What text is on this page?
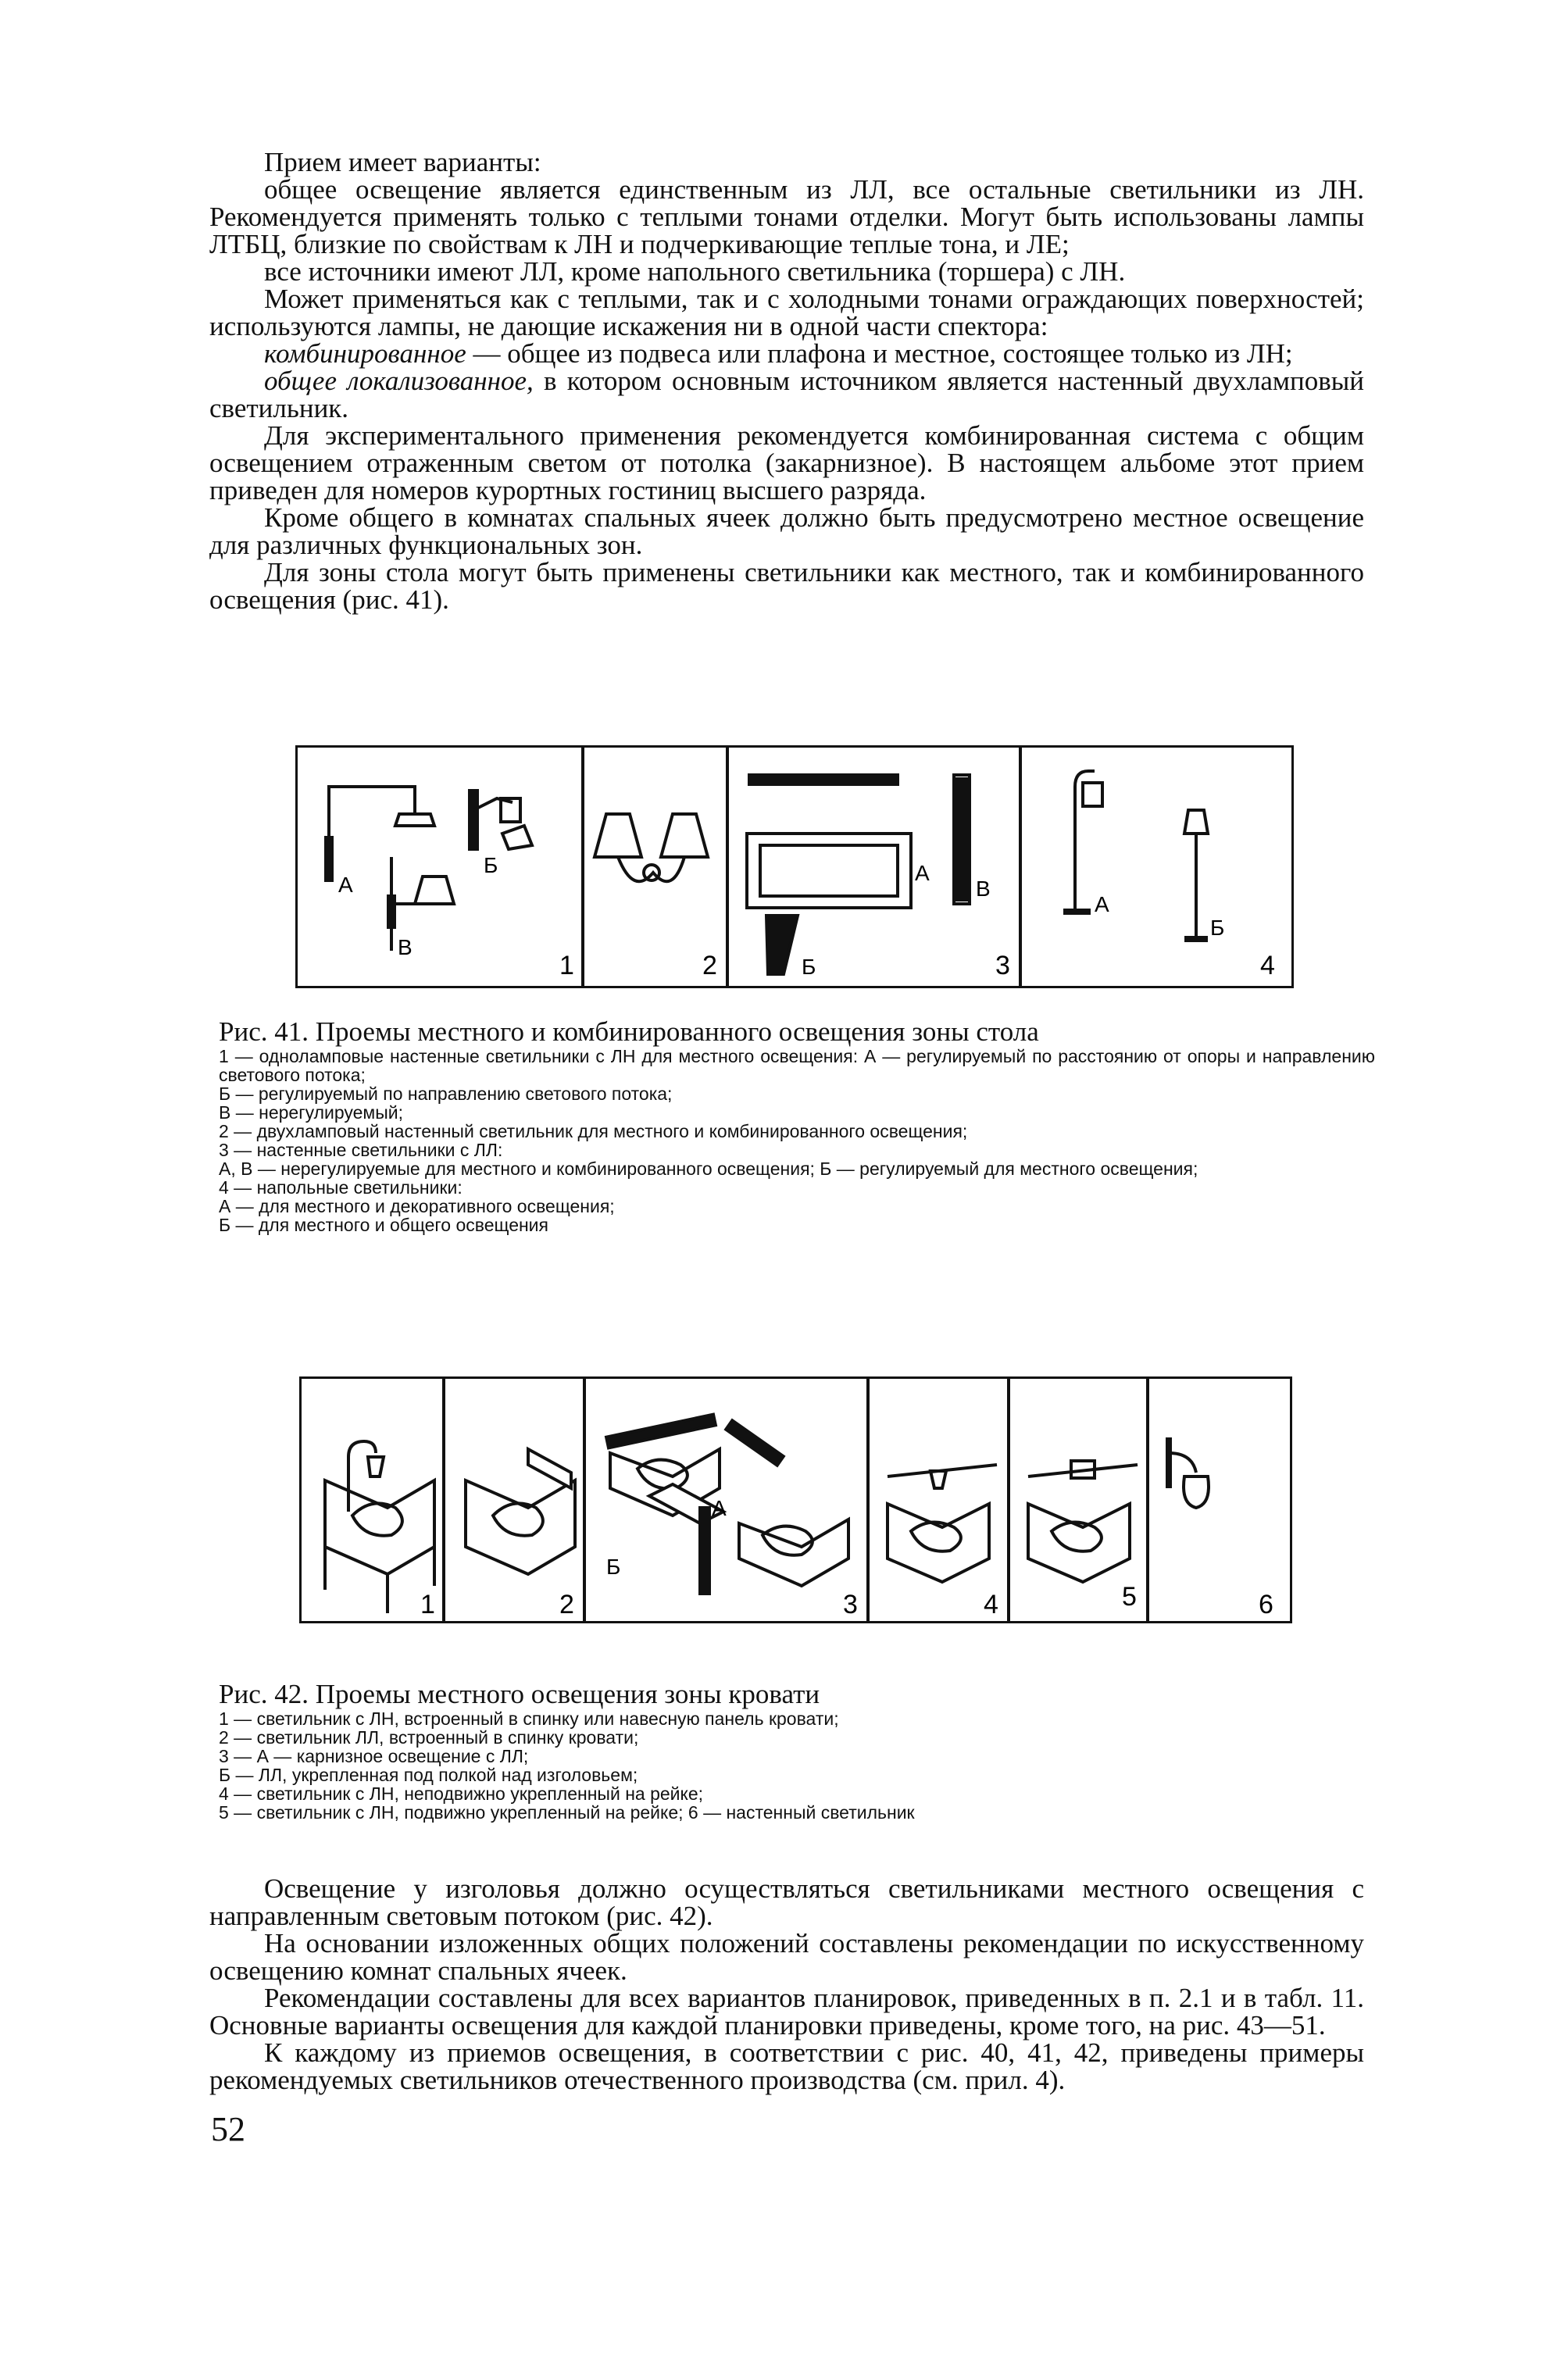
Прием имеет варианты:

общее освещение является единственным из ЛЛ, все остальные светильники из ЛН. Рекомендуется применять только с теплыми тонами отделки. Могут быть использованы лампы ЛТБЦ, близкие по свойствам к ЛН и подчеркивающие теплые тона, и ЛЕ;

все источники имеют ЛЛ, кроме напольного светильника (торшера) с ЛН.

Может применяться как с теплыми, так и с холодными тонами ограждающих поверхностей; используются лампы, не дающие искажения ни в одной части спектора:

комбинированное — общее из подвеса или плафона и местное, состоящее только из ЛН;

общее локализованное, в котором основным источником является настенный двухламповый светильник.

Для экспериментального применения рекомендуется комбинированная система с общим освещением отраженным светом от потолка (закарнизное). В настоящем альбоме этот прием приведен для номеров курортных гостиниц высшего разряда.

Кроме общего в комнатах спальных ячеек должно быть предусмотрено местное освещение для различных функциональных зон.

Для зоны стола могут быть применены светильники как местного, так и комбинированного освещения (рис. 41).

1	2	3	4
А
Б
В
А
Б
В
А
Б

Рис. 41. Проемы местного и комбинированного освещения зоны стола

1 — одноламповые настенные светильники с ЛН для местного освещения: А — регулируемый по расстоянию от опоры и направлению светового потока;

Б — регулируемый по направлению светового потока;

В — нерегулируемый;

2 — двухламповый настенный светильник для местного и комбинированного освещения;

3 — настенные светильники с ЛЛ:

А, В — нерегулируемые для местного и комбинированного освещения; Б — регулируемый для местного освещения;

4 — напольные светильники:

А — для местного и декоративного освещения;

Б — для местного и общего освещения

1	2	3	4	5	6
А
Б

Рис. 42. Проемы местного освещения зоны кровати

1 — светильник с ЛН, встроенный в спинку или навесную панель кровати;

2 — светильник ЛЛ, встроенный в спинку кровати;

3 — А — карнизное освещение с ЛЛ;

Б — ЛЛ, укрепленная под полкой над изголовьем;

4 — светильник с ЛН, неподвижно укрепленный на рейке;

5 — светильник с ЛН, подвижно укрепленный на рейке; 6 — настенный светильник

Освещение у изголовья должно осуществляться светильниками местного освещения с направленным световым потоком (рис. 42).

На основании изложенных общих положений составлены рекомендации по искусственному освещению комнат спальных ячеек.

Рекомендации составлены для всех вариантов планировок, приведенных в п. 2.1 и в табл. 11. Основные варианты освещения для каждой планировки приведены, кроме того, на рис. 43—51.

К каждому из приемов освещения, в соответствии с рис. 40, 41, 42, приведены примеры рекомендуемых светильников отечественного производства (см. прил. 4).

52
